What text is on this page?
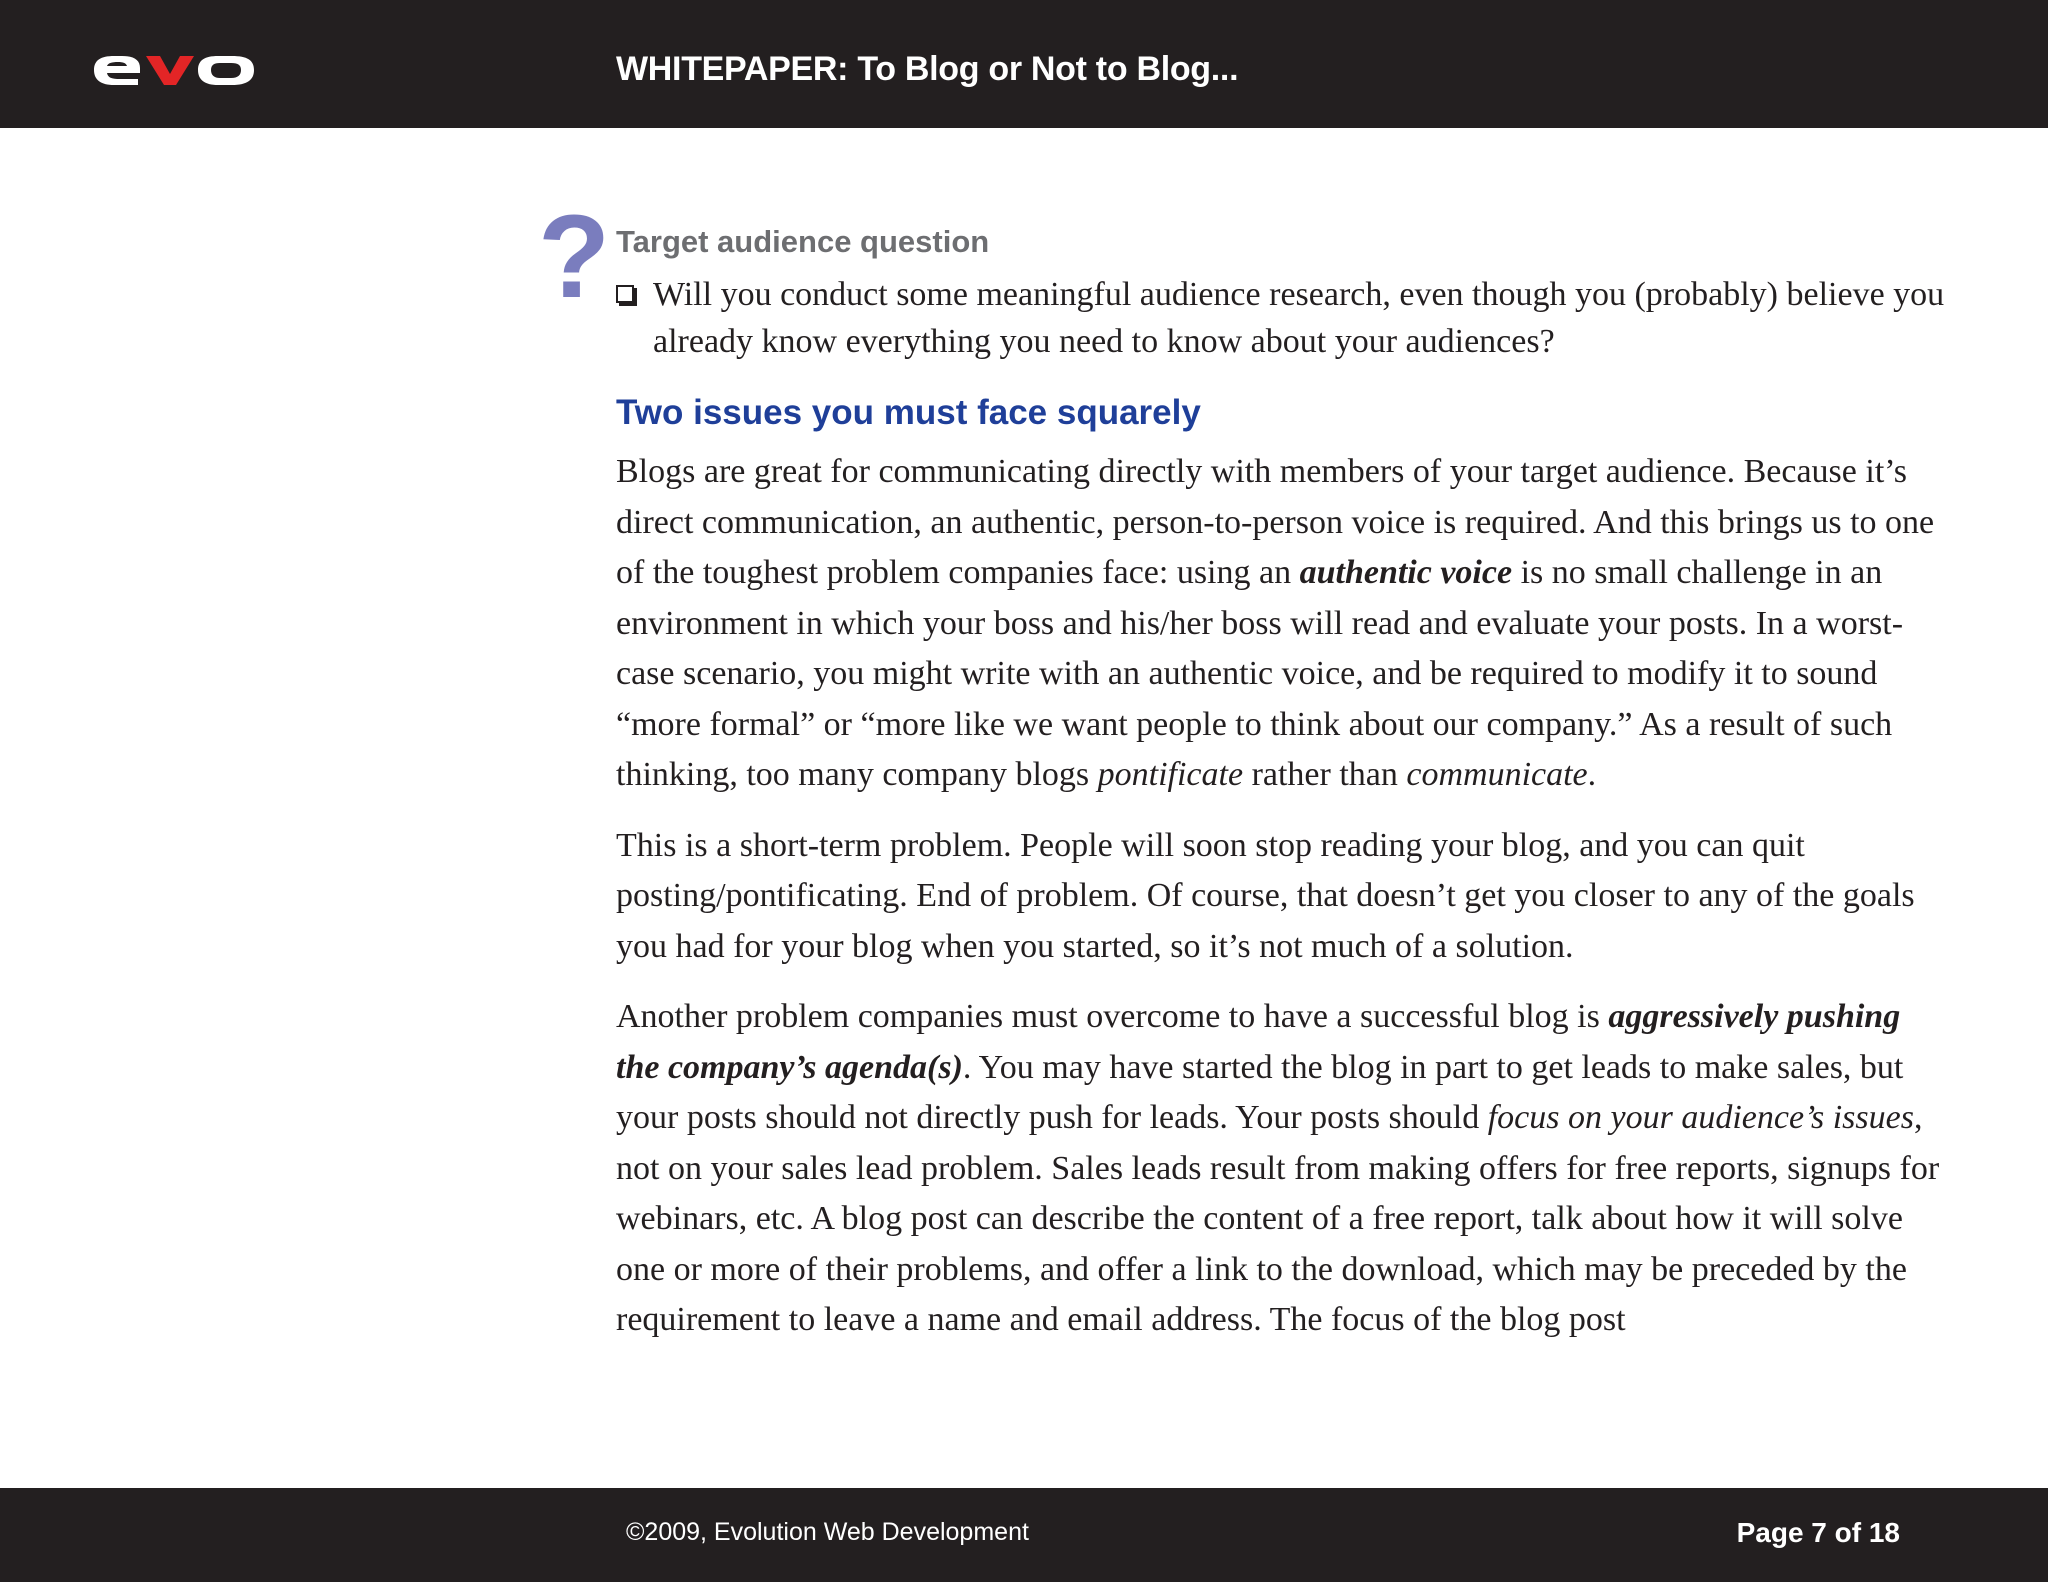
WHITEPAPER: To Blog or Not to Blog...
? Target audience question
Will you conduct some meaningful audience research, even though you (probably) believe you already know everything you need to know about your audiences?
Two issues you must face squarely

Blogs are great for communicating directly with members of your target audience. Because it’s direct communication, an authentic, person-to-person voice is required. And this brings us to one of the toughest problem companies face: using an authentic voice is no small challenge in an environment in which your boss and his/her boss will read and evaluate your posts. In a worst-case scenario, you might write with an authentic voice, and be required to modify it to sound “more formal” or “more like we want people to think about our company.” As a result of such thinking, too many company blogs pontificate rather than communicate.

This is a short-term problem. People will soon stop reading your blog, and you can quit posting/pontificating. End of problem. Of course, that doesn’t get you closer to any of the goals you had for your blog when you started, so it’s not much of a solution.

Another problem companies must overcome to have a successful blog is aggressively pushing the company’s agenda(s). You may have started the blog in part to get leads to make sales, but your posts should not directly push for leads. Your posts should focus on your audience’s issues, not on your sales lead problem. Sales leads result from making offers for free reports, signups for webinars, etc. A blog post can describe the content of a free report, talk about how it will solve one or more of their problems, and offer a link to the download, which may be preceded by the requirement to leave a name and email address. The focus of the blog post

©2009, Evolution Web Development	Page 7 of 18
